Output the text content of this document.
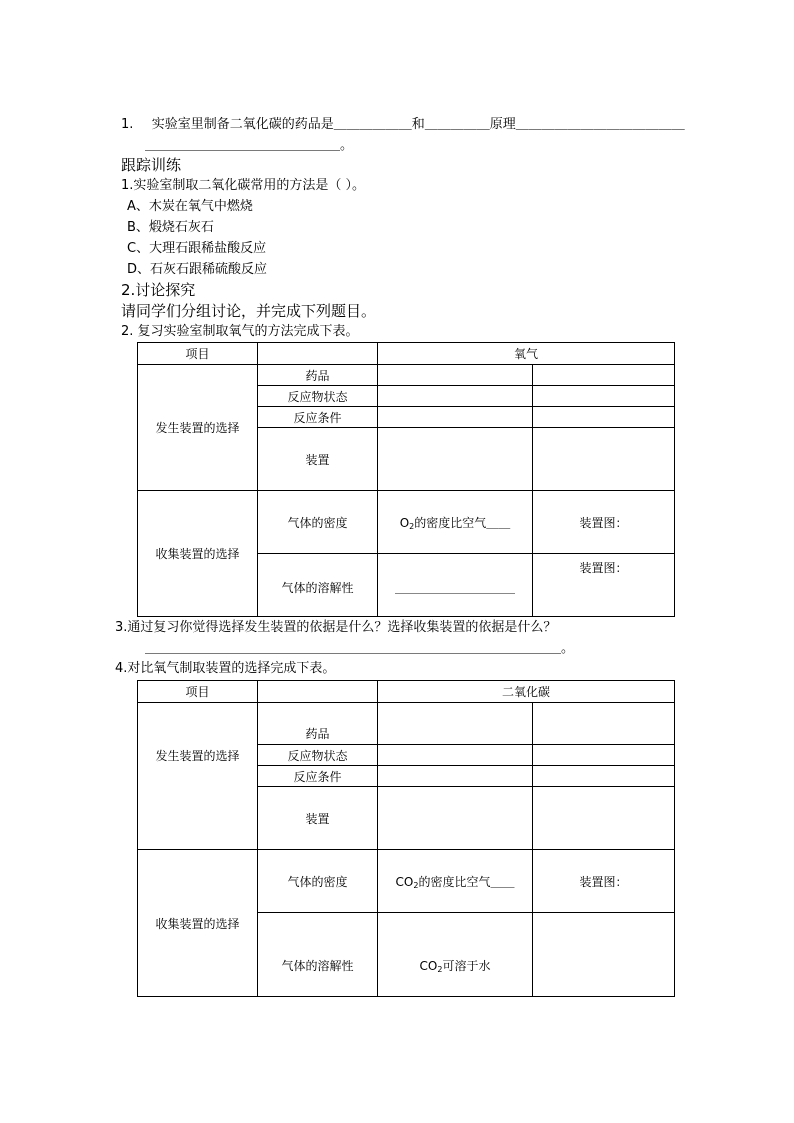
1. 实验室里制备二氧化碳的药品是＿＿＿＿＿＿和＿＿＿＿＿原理＿＿＿＿＿＿＿＿＿＿＿＿＿
＿＿＿＿＿＿＿＿＿＿＿＿＿＿＿。
跟踪训练
1.实验室制取二氧化碳常用的方法是（ ）。
A、木炭在氧气中燃烧
B、煅烧石灰石
C、大理石跟稀盐酸反应
D、石灰石跟稀硫酸反应
2.讨论探究
请同学们分组讨论，并完成下列题目。
2. 复习实验室制取氧气的方法完成下表。
项目		氧气	
发生装置的选择	药品		
	反应物状态		
	反应条件		
	装置		
收集装置的选择	气体的密度	$O_2$的密度比空气＿＿	装置图：
	气体的溶解性	＿＿＿＿＿＿＿＿＿＿	装置图：
3.通过复习你觉得选择发生装置的依据是什么？选择收集装置的依据是什么？
＿＿＿＿＿＿＿＿＿＿＿＿＿＿＿＿＿＿＿＿＿＿＿＿＿＿＿＿＿＿＿＿。
4.对比氧气制取装置的选择完成下表。
项目		二氧化碳	
发生装置的选择	药品		
	反应物状态		
	反应条件		
	装置		
收集装置的选择	气体的密度	$CO_2$的密度比空气＿＿	装置图：
	气体的溶解性	$CO_2$可溶于水	
